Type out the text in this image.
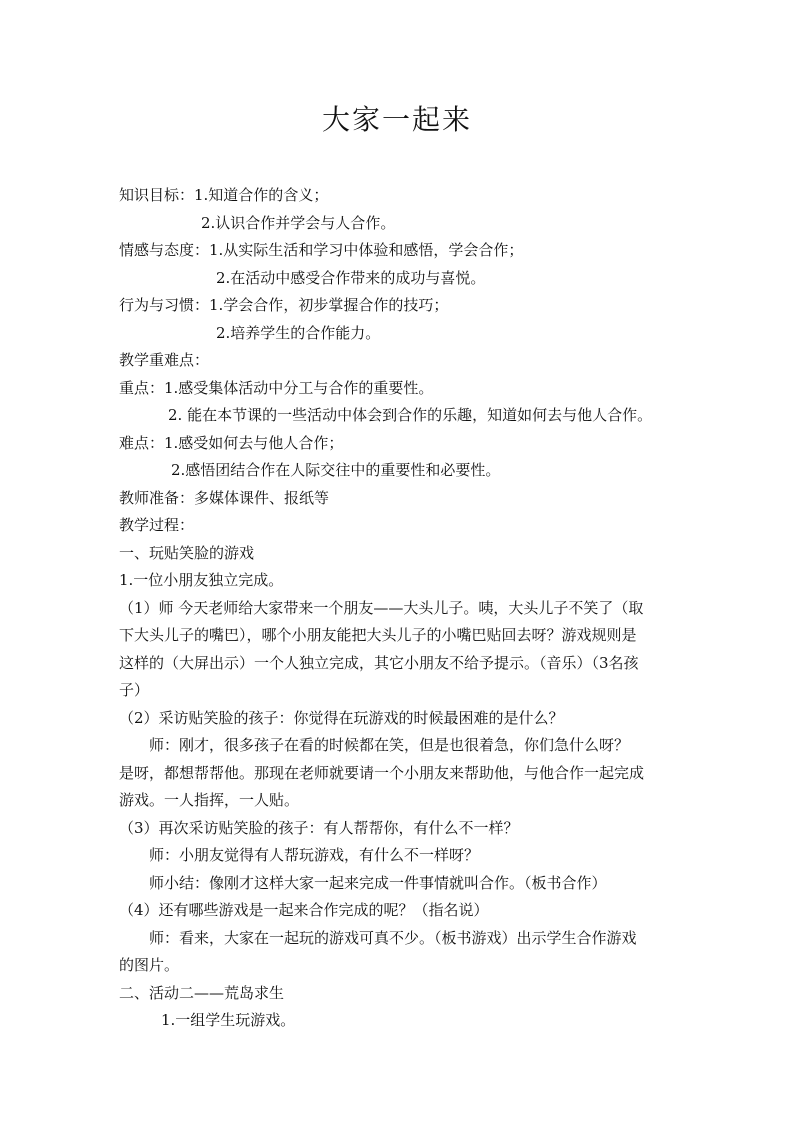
大家一起来
知识目标：1.知道合作的含义；
2.认识合作并学会与人合作。
情感与态度：1.从实际生活和学习中体验和感悟，学会合作；
2.在活动中感受合作带来的成功与喜悦。
行为与习惯：1.学会合作，初步掌握合作的技巧；
2.培养学生的合作能力。
教学重难点：
重点：1.感受集体活动中分工与合作的重要性。
2. 能在本节课的一些活动中体会到合作的乐趣，知道如何去与他人合作。
难点：1.感受如何去与他人合作；
2.感悟团结合作在人际交往中的重要性和必要性。
教师准备：多媒体课件、报纸等
教学过程：
一、玩贴笑脸的游戏
1.一位小朋友独立完成。
（1）师 今天老师给大家带来一个朋友——大头儿子。咦，大头儿子不笑了（取
下大头儿子的嘴巴），哪个小朋友能把大头儿子的小嘴巴贴回去呀？游戏规则是
这样的（大屏出示）一个人独立完成，其它小朋友不给予提示。（音乐）（3名孩
子）
（2）采访贴笑脸的孩子：你觉得在玩游戏的时候最困难的是什么？
师：刚才，很多孩子在看的时候都在笑，但是也很着急，你们急什么呀？
是呀，都想帮帮他。那现在老师就要请一个小朋友来帮助他，与他合作一起完成
游戏。一人指挥，一人贴。
（3）再次采访贴笑脸的孩子：有人帮帮你，有什么不一样？
师：小朋友觉得有人帮玩游戏，有什么不一样呀？
师小结：像刚才这样大家一起来完成一件事情就叫合作。（板书合作）
（4）还有哪些游戏是一起来合作完成的呢？（指名说）
师：看来，大家在一起玩的游戏可真不少。（板书游戏）出示学生合作游戏
的图片。
二、活动二——荒岛求生
1.一组学生玩游戏。
